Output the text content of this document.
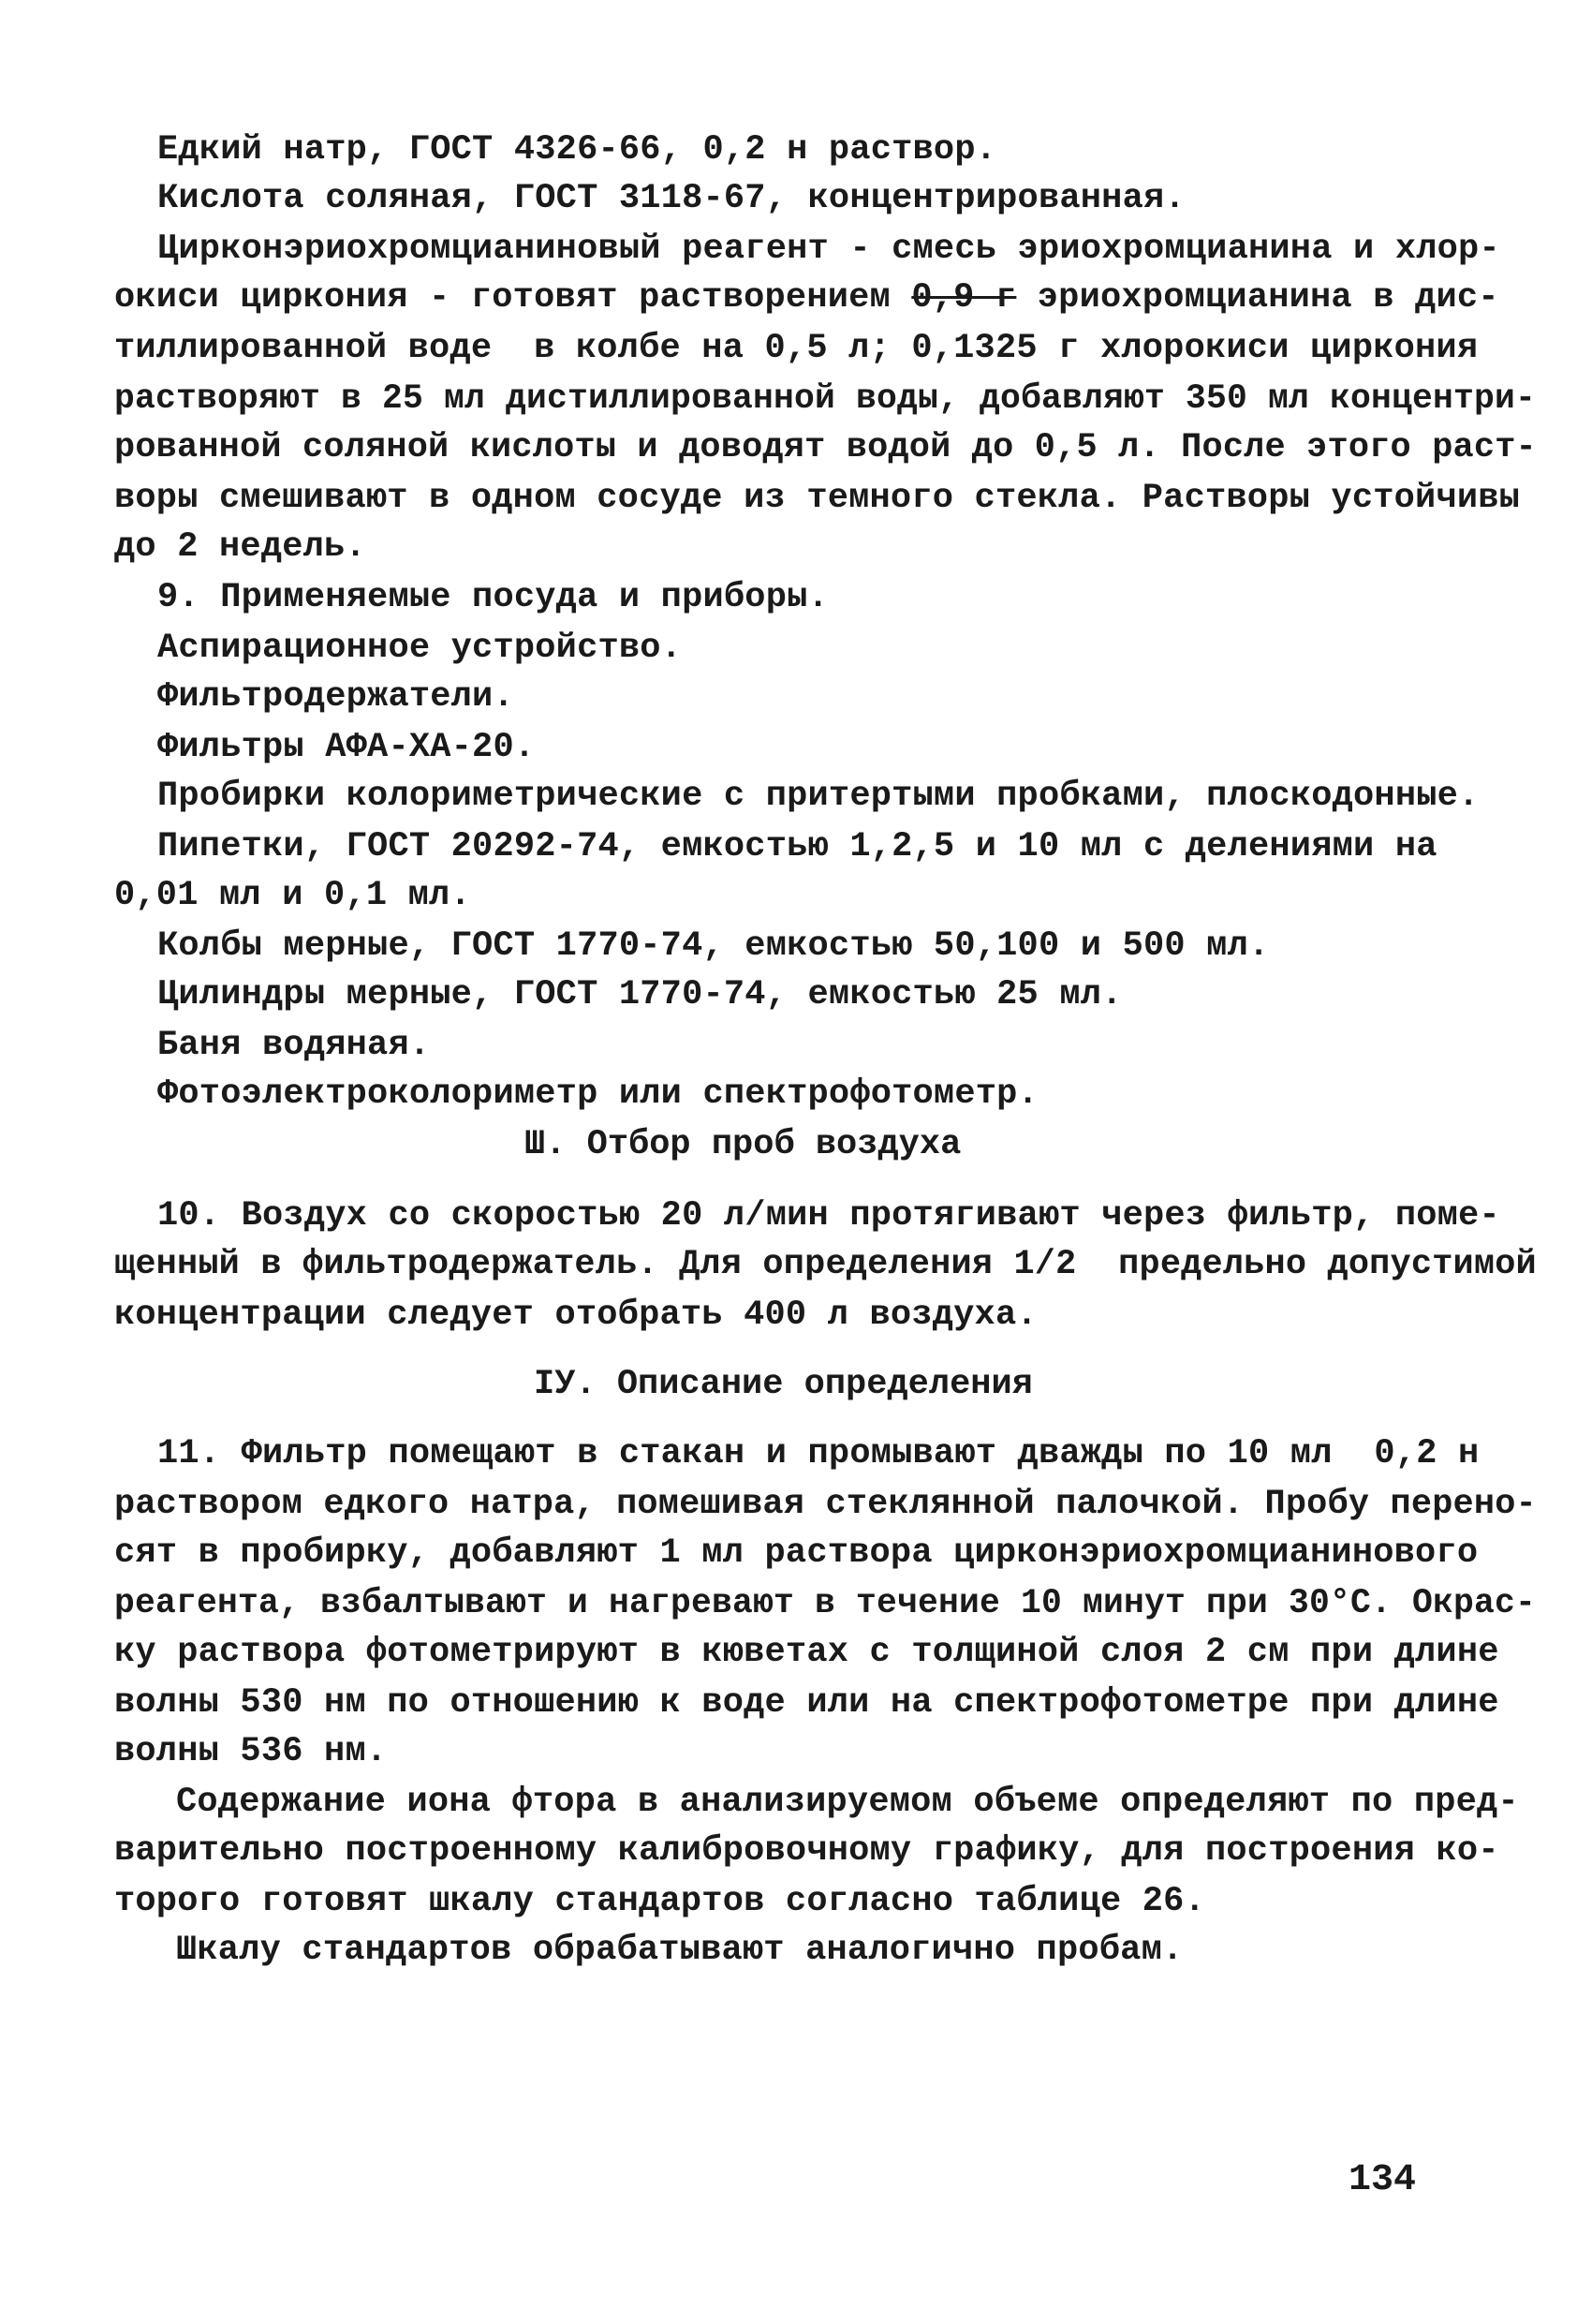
Едкий натр, ГОСТ 4326-66, 0,2 н раствор.
Кислота соляная, ГОСТ 3118-67, концентрированная.
Цирконэриохромцианиновый реагент - смесь эриохромцианина и хлор-
окиси циркония - готовят растворением 0,9 г эриохромцианина в дис-
тиллированной воде  в колбе на 0,5 л; 0,1325 г хлорокиси циркония
растворяют в 25 мл дистиллированной воды, добавляют 350 мл концентри-
рованной соляной кислоты и доводят водой до 0,5 л. После этого раст-
воры смешивают в одном сосуде из темного стекла. Растворы устойчивы
до 2 недель.
9. Применяемые посуда и приборы.
Аспирационное устройство.
Фильтродержатели.
Фильтры АФА-ХА-20.
Пробирки колориметрические с притертыми пробками, плоскодонные.
Пипетки, ГОСТ 20292-74, емкостью 1,2,5 и 10 мл с делениями на
0,01 мл и 0,1 мл.
Колбы мерные, ГОСТ 1770-74, емкостью 50,100 и 500 мл.
Цилиндры мерные, ГОСТ 1770-74, емкостью 25 мл.
Баня водяная.
Фотоэлектроколориметр или спектрофотометр.
Ш. Отбор проб воздуха
10. Воздух со скоростью 20 л/мин протягивают через фильтр, поме-
щенный в фильтродержатель. Для определения 1/2  предельно допустимой
концентрации следует отобрать 400 л воздуха.
IУ. Описание определения
11. Фильтр помещают в стакан и промывают дважды по 10 мл  0,2 н
раствором едкого натра, помешивая стеклянной палочкой. Пробу перено-
сят в пробирку, добавляют 1 мл раствора цирконэриохромцианинового
реагента, взбалтывают и нагревают в течение 10 минут при 30°С. Окрас-
ку раствора фотометрируют в кюветах с толщиной слоя 2 см при длине
волны 530 нм по отношению к воде или на спектрофотометре при длине
волны 536 нм.
Содержание иона фтора в анализируемом объеме определяют по пред-
варительно построенному калибровочному графику, для построения ко-
торого готовят шкалу стандартов согласно таблице 26.
Шкалу стандартов обрабатывают аналогично пробам.
134
